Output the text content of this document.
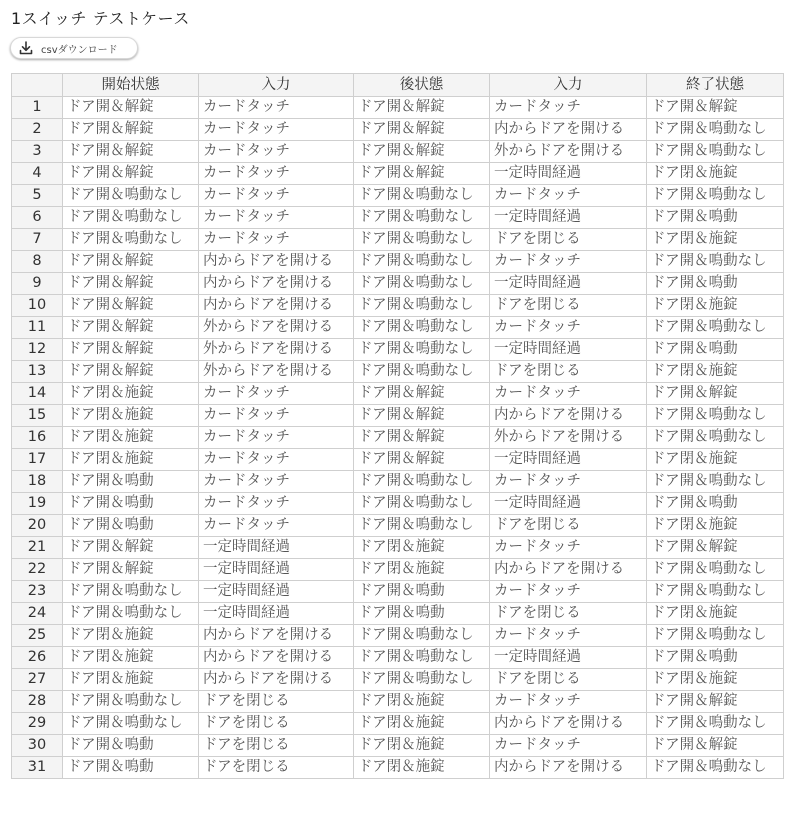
1スイッチ テストケース
csvダウンロード
	開始状態	入力	後状態	入力	終了状態
1	ドア開＆解錠	カードタッチ	ドア開＆解錠	カードタッチ	ドア開＆解錠
2	ドア開＆解錠	カードタッチ	ドア開＆解錠	内からドアを開ける	ドア開＆鳴動なし
3	ドア開＆解錠	カードタッチ	ドア開＆解錠	外からドアを開ける	ドア開＆鳴動なし
4	ドア開＆解錠	カードタッチ	ドア開＆解錠	一定時間経過	ドア閉＆施錠
5	ドア開＆鳴動なし	カードタッチ	ドア開＆鳴動なし	カードタッチ	ドア開＆鳴動なし
6	ドア開＆鳴動なし	カードタッチ	ドア開＆鳴動なし	一定時間経過	ドア開＆鳴動
7	ドア開＆鳴動なし	カードタッチ	ドア開＆鳴動なし	ドアを閉じる	ドア閉＆施錠
8	ドア開＆解錠	内からドアを開ける	ドア開＆鳴動なし	カードタッチ	ドア開＆鳴動なし
9	ドア開＆解錠	内からドアを開ける	ドア開＆鳴動なし	一定時間経過	ドア開＆鳴動
10	ドア開＆解錠	内からドアを開ける	ドア開＆鳴動なし	ドアを閉じる	ドア閉＆施錠
11	ドア開＆解錠	外からドアを開ける	ドア開＆鳴動なし	カードタッチ	ドア開＆鳴動なし
12	ドア開＆解錠	外からドアを開ける	ドア開＆鳴動なし	一定時間経過	ドア開＆鳴動
13	ドア開＆解錠	外からドアを開ける	ドア開＆鳴動なし	ドアを閉じる	ドア閉＆施錠
14	ドア閉＆施錠	カードタッチ	ドア開＆解錠	カードタッチ	ドア開＆解錠
15	ドア閉＆施錠	カードタッチ	ドア開＆解錠	内からドアを開ける	ドア開＆鳴動なし
16	ドア閉＆施錠	カードタッチ	ドア開＆解錠	外からドアを開ける	ドア開＆鳴動なし
17	ドア閉＆施錠	カードタッチ	ドア開＆解錠	一定時間経過	ドア閉＆施錠
18	ドア開＆鳴動	カードタッチ	ドア開＆鳴動なし	カードタッチ	ドア開＆鳴動なし
19	ドア開＆鳴動	カードタッチ	ドア開＆鳴動なし	一定時間経過	ドア開＆鳴動
20	ドア開＆鳴動	カードタッチ	ドア開＆鳴動なし	ドアを閉じる	ドア閉＆施錠
21	ドア開＆解錠	一定時間経過	ドア閉＆施錠	カードタッチ	ドア開＆解錠
22	ドア開＆解錠	一定時間経過	ドア閉＆施錠	内からドアを開ける	ドア開＆鳴動なし
23	ドア開＆鳴動なし	一定時間経過	ドア開＆鳴動	カードタッチ	ドア開＆鳴動なし
24	ドア開＆鳴動なし	一定時間経過	ドア開＆鳴動	ドアを閉じる	ドア閉＆施錠
25	ドア閉＆施錠	内からドアを開ける	ドア開＆鳴動なし	カードタッチ	ドア開＆鳴動なし
26	ドア閉＆施錠	内からドアを開ける	ドア開＆鳴動なし	一定時間経過	ドア開＆鳴動
27	ドア閉＆施錠	内からドアを開ける	ドア開＆鳴動なし	ドアを閉じる	ドア閉＆施錠
28	ドア開＆鳴動なし	ドアを閉じる	ドア閉＆施錠	カードタッチ	ドア開＆解錠
29	ドア開＆鳴動なし	ドアを閉じる	ドア閉＆施錠	内からドアを開ける	ドア開＆鳴動なし
30	ドア開＆鳴動	ドアを閉じる	ドア閉＆施錠	カードタッチ	ドア開＆解錠
31	ドア開＆鳴動	ドアを閉じる	ドア閉＆施錠	内からドアを開ける	ドア開＆鳴動なし
